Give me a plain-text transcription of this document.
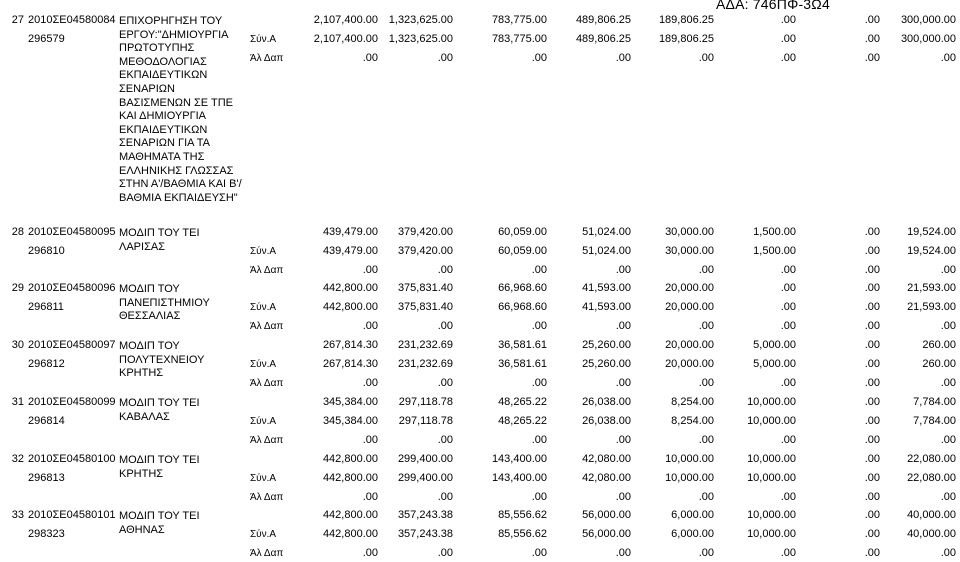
ΑΔΑ: 746ΠΦ-3Ω4
27 2010ΣΕ04580084
296579
ΕΠΙΧΟΡΗΓΗΣΗ ΤΟΥ ΕΡΓΟΥ:"ΔΗΜΙΟΥΡΓΙΑ ΠΡΩΤΟΤΥΠΗΣ ΜΕΘΟΔΟΛΟΓΙΑΣ ΕΚΠΑΙΔΕΥΤΙΚΩΝ ΣΕΝΑΡΙΩΝ ΒΑΣΙΣΜΕΝΩΝ ΣΕ ΤΠΕ ΚΑΙ ΔΗΜΙΟΥΡΓΙΑ ΕΚΠΑΙΔΕΥΤΙΚΩΝ ΣΕΝΑΡΙΩΝ ΓΙΑ ΤΑ ΜΑΘΗΜΑΤΑ ΤΗΣ ΕΛΛΗΝΙΚΗΣ ΓΛΩΣΣΑΣ ΣΤΗΝ Α'/ΒΑΘΜΙΑ ΚΑΙ Β'/ΒΑΘΜΙΑ ΕΚΠΑΙΔΕΥΣΗ"
2,107,400.00 1,323,625.00	783,775.00	489,806.25	189,806.25	.00	.00	300,000.00
Σύν.Α	2,107,400.00 1,323,625.00	783,775.00	489,806.25	189,806.25	.00	.00	300,000.00
Άλ Δαπ	.00	.00	.00	.00	.00	.00	.00	.00
28 2010ΣΕ04580095
296810
ΜΟΔΙΠ ΤΟΥ ΤΕΙ ΛΑΡΙΣΑΣ
439,479.00	379,420.00	60,059.00	51,024.00	30,000.00	1,500.00	.00	19,524.00
Σύν.Α	439,479.00	379,420.00	60,059.00	51,024.00	30,000.00	1,500.00	.00	19,524.00
Άλ Δαπ	.00	.00	.00	.00	.00	.00	.00	.00
29 2010ΣΕ04580096
296811
ΜΟΔΙΠ ΤΟΥ ΠΑΝΕΠΙΣΤΗΜΙΟΥ ΘΕΣΣΑΛΙΑΣ
442,800.00	375,831.40	66,968.60	41,593.00	20,000.00	.00	.00	21,593.00
Σύν.Α	442,800.00	375,831.40	66,968.60	41,593.00	20,000.00	.00	.00	21,593.00
Άλ Δαπ	.00	.00	.00	.00	.00	.00	.00	.00
30 2010ΣΕ04580097
296812
ΜΟΔΙΠ ΤΟΥ ΠΟΛΥΤΕΧΝΕΙΟΥ ΚΡΗΤΗΣ
267,814.30	231,232.69	36,581.61	25,260.00	20,000.00	5,000.00	.00	260.00
Σύν.Α	267,814.30	231,232.69	36,581.61	25,260.00	20,000.00	5,000.00	.00	260.00
Άλ Δαπ	.00	.00	.00	.00	.00	.00	.00	.00
31 2010ΣΕ04580099
296814
ΜΟΔΙΠ ΤΟΥ ΤΕΙ ΚΑΒΑΛΑΣ
345,384.00	297,118.78	48,265.22	26,038.00	8,254.00	10,000.00	.00	7,784.00
Σύν.Α	345,384.00	297,118.78	48,265.22	26,038.00	8,254.00	10,000.00	.00	7,784.00
Άλ Δαπ	.00	.00	.00	.00	.00	.00	.00	.00
32 2010ΣΕ04580100
296813
ΜΟΔΙΠ ΤΟΥ ΤΕΙ ΚΡΗΤΗΣ
442,800.00	299,400.00	143,400.00	42,080.00	10,000.00	10,000.00	.00	22,080.00
Σύν.Α	442,800.00	299,400.00	143,400.00	42,080.00	10,000.00	10,000.00	.00	22,080.00
Άλ Δαπ	.00	.00	.00	.00	.00	.00	.00	.00
33 2010ΣΕ04580101
298323
ΜΟΔΙΠ ΤΟΥ ΤΕΙ ΑΘΗΝΑΣ
442,800.00	357,243.38	85,556.62	56,000.00	6,000.00	10,000.00	.00	40,000.00
Σύν.Α	442,800.00	357,243.38	85,556.62	56,000.00	6,000.00	10,000.00	.00	40,000.00
Άλ Δαπ	.00	.00	.00	.00	.00	.00	.00	.00
